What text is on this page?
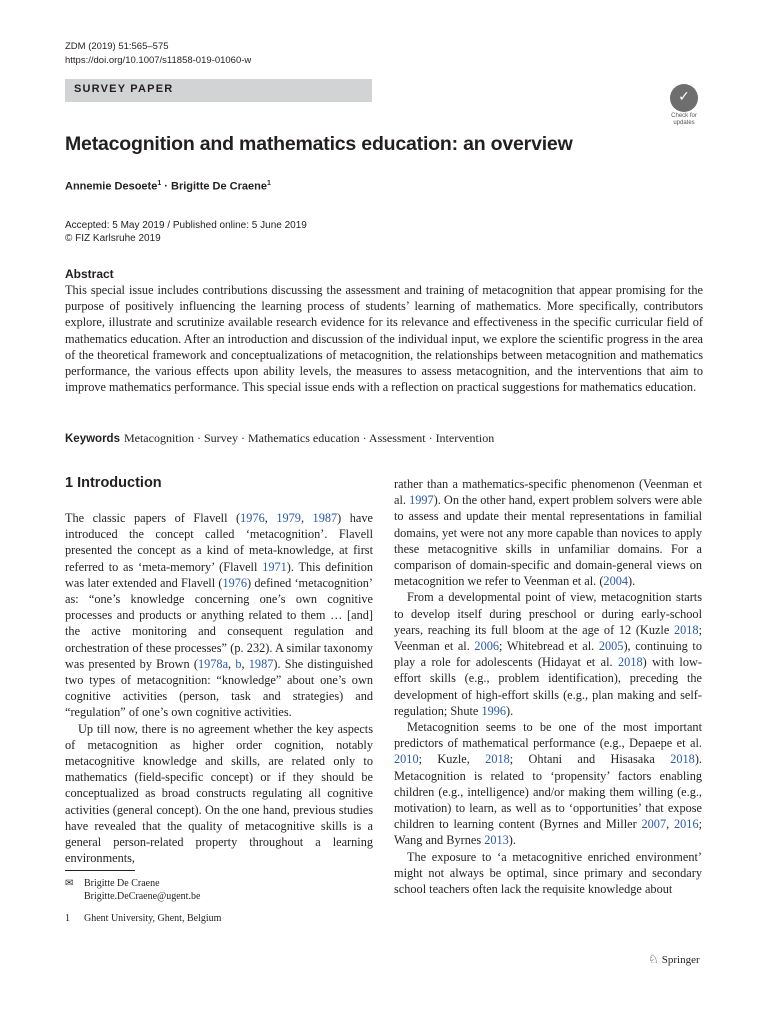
ZDM (2019) 51:565–575
https://doi.org/10.1007/s11858-019-01060-w
SURVEY PAPER	✓
Check for
updates
Metacognition and mathematics education: an overview
Annemie Desoete$^1$ · Brigitte De Craene$^1$
Accepted: 5 May 2019 / Published online: 5 June 2019
© FIZ Karlsruhe 2019
Abstract

This special issue includes contributions discussing the assessment and training of metacognition that appear promising for the purpose of positively influencing the learning process of students’ learning of mathematics. More specifically, contributors explore, illustrate and scrutinize available research evidence for its relevance and effectiveness in the specific curricular field of mathematics education. After an introduction and discussion of the individual input, we explore the scientific progress in the area of the theoretical framework and conceptualizations of metacognition, the relationships between metacognition and mathematics performance, the various effects upon ability levels, the measures to assess metacognition, and the interventions that aim to improve mathematics performance. This special issue ends with a reflection on practical suggestions for mathematics education.

Keywords Metacognition · Survey · Mathematics education · Assessment · Intervention
1 Introduction

The classic papers of Flavell (1976, 1979, 1987) have introduced the concept called ‘metacognition’. Flavell presented the concept as a kind of meta-knowledge, at first referred to as ‘meta-memory’ (Flavell 1971). This definition was later extended and Flavell (1976) defined ‘metacognition’ as: “one’s knowledge concerning one’s own cognitive processes and products or anything related to them … [and] the active monitoring and consequent regulation and orchestration of these processes” (p. 232). A similar taxonomy was presented by Brown (1978a, b, 1987). She distinguished two types of metacognition: “knowledge” about one’s own cognitive activities (person, task and strategies) and “regulation” of one’s own cognitive activities.

Up till now, there is no agreement whether the key aspects of metacognition as higher order cognition, notably metacognitive knowledge and skills, are related only to mathematics (field-specific concept) or if they should be conceptualized as broad constructs regulating all cognitive activities (general concept). On the one hand, previous studies have revealed that the quality of metacognitive skills is a general person-related property throughout a learning environments,

rather than a mathematics-specific phenomenon (Veenman et al. 1997). On the other hand, expert problem solvers were able to assess and update their mental representations in familial domains, yet were not any more capable than novices to apply these metacognitive skills in unfamiliar domains. For a comparison of domain-specific and domain-general views on metacognition we refer to Veenman et al. (2004).

From a developmental point of view, metacognition starts to develop itself during preschool or during early-school years, reaching its full bloom at the age of 12 (Kuzle 2018; Veenman et al. 2006; Whitebread et al. 2005), continuing to play a role for adolescents (Hidayat et al. 2018) with low-effort skills (e.g., problem identification), preceding the development of high-effort skills (e.g., plan making and self-regulation; Shute 1996).

Metacognition seems to be one of the most important predictors of mathematical performance (e.g., Depaepe et al. 2010; Kuzle, 2018; Ohtani and Hisasaka 2018). Metacognition is related to ‘propensity’ factors enabling children (e.g., intelligence) and/or making them willing (e.g., motivation) to learn, as well as to ‘opportunities’ that expose children to learning content (Byrnes and Miller 2007, 2016; Wang and Byrnes 2013).

The exposure to ‘a metacognitive enriched environment’ might not always be optimal, since primary and secondary school teachers often lack the requisite knowledge about

✉ Brigitte De Craene
Brigitte.DeCraene@ugent.be
1 Ghent University, Ghent, Belgium
♘ Springer
